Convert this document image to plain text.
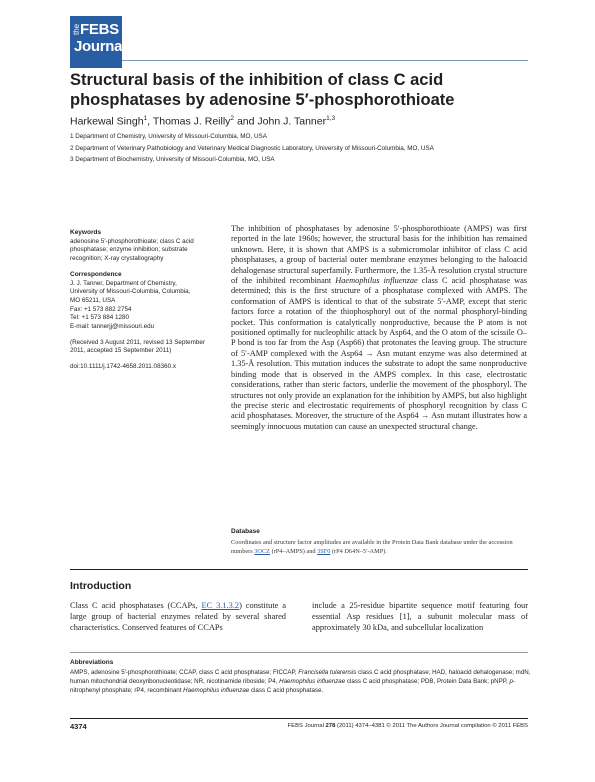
the FEBS
Journal
Structural basis of the inhibition of class C acid
phosphatases by adenosine 5′-phosphorothioate
Harkewal Singh$^1$, Thomas J. Reilly$^2$ and John J. Tanner$^{1,3}$
1 Department of Chemistry, University of Missouri-Columbia, MO, USA
2 Department of Veterinary Pathobiology and Veterinary Medical Diagnostic Laboratory, University of Missouri-Columbia, MO, USA
3 Department of Biochemistry, University of Missouri-Columbia, MO, USA
Keywords

adenosine 5′-phosphorothioate; class C acid phosphatase; enzyme inhibition; substrate recognition; X-ray crystallography

Correspondence

J. J. Tanner, Department of Chemistry,

University of Missouri-Columbia, Columbia,

MO 65211, USA

Fax: +1 573 882 2754

Tel: +1 573 884 1280

E-mail: tannerjj@missouri.edu

(Received 3 August 2011, revised 13 September 2011, accepted 15 September 2011)

doi:10.1111/j.1742-4658.2011.08360.x

The inhibition of phosphatases by adenosine 5′-phosphorothioate (AMPS) was first reported in the late 1960s; however, the structural basis for the inhibition has remained unknown. Here, it is shown that AMPS is a submicromolar inhibitor of class C acid phosphatases, a group of bacterial outer membrane enzymes belonging to the haloacid dehalogenase structural superfamily. Furthermore, the 1.35-Å resolution crystal structure of the inhibited recombinant Haemophilus influenzae class C acid phosphatase was determined; this is the first structure of a phosphatase complexed with AMPS. The conformation of AMPS is identical to that of the substrate 5′-AMP, except that steric factors force a rotation of the thiophosphoryl out of the normal phosphoryl-binding pocket. This conformation is catalytically nonproductive, because the P atom is not positioned optimally for nucleophilic attack by Asp64, and the O atom of the scissile O–P bond is too far from the Asp (Asp66) that protonates the leaving group. The structure of 5′-AMP complexed with the Asp64 → Asn mutant enzyme was also determined at 1.35-Å resolution. This mutation induces the substrate to adopt the same nonproductive binding mode that is observed in the AMPS complex. In this case, electrostatic considerations, rather than steric factors, underlie the movement of the phosphoryl. The structures not only provide an explanation for the inhibition by AMPS, but also highlight the precise steric and electrostatic requirements of phosphoryl recognition by class C acid phosphatases. Moreover, the structure of the Asp64 → Asn mutant illustrates how a seemingly innocuous mutation can cause an unexpected structural change.

Database

Coordinates and structure factor amplitudes are available in the Protein Data Bank database under the accession numbers 3OCZ (rP4–AMPS) and 3SF0 (rP4 D64N–5′-AMP).

Introduction

Class C acid phosphatases (CCAPs, EC 3.1.3.2) constitute a large group of bacterial enzymes related by several shared characteristics. Conserved features of CCAPs

include a 25-residue bipartite sequence motif featuring four essential Asp residues [1], a subunit molecular mass of approximately 30 kDa, and subcellular localization

Abbreviations

AMPS, adenosine 5′-phosphorothioate; CCAP, class C acid phosphatase; FtCCAP, Francisella tularensis class C acid phosphatase; HAD, haloacid dehalogenase; mdN, human mitochondrial deoxyribonucleotidase; NR, nicotinamide riboside; P4, Haemophilus influenzae class C acid phosphatase; PDB, Protein Data Bank; pNPP, p-nitrophenyl phosphate; rP4, recombinant Haemophilus influenzae class C acid phosphatase.

4374	FEBS Journal 278 (2011) 4374–4381 © 2011 The Authors Journal compilation © 2011 FEBS
